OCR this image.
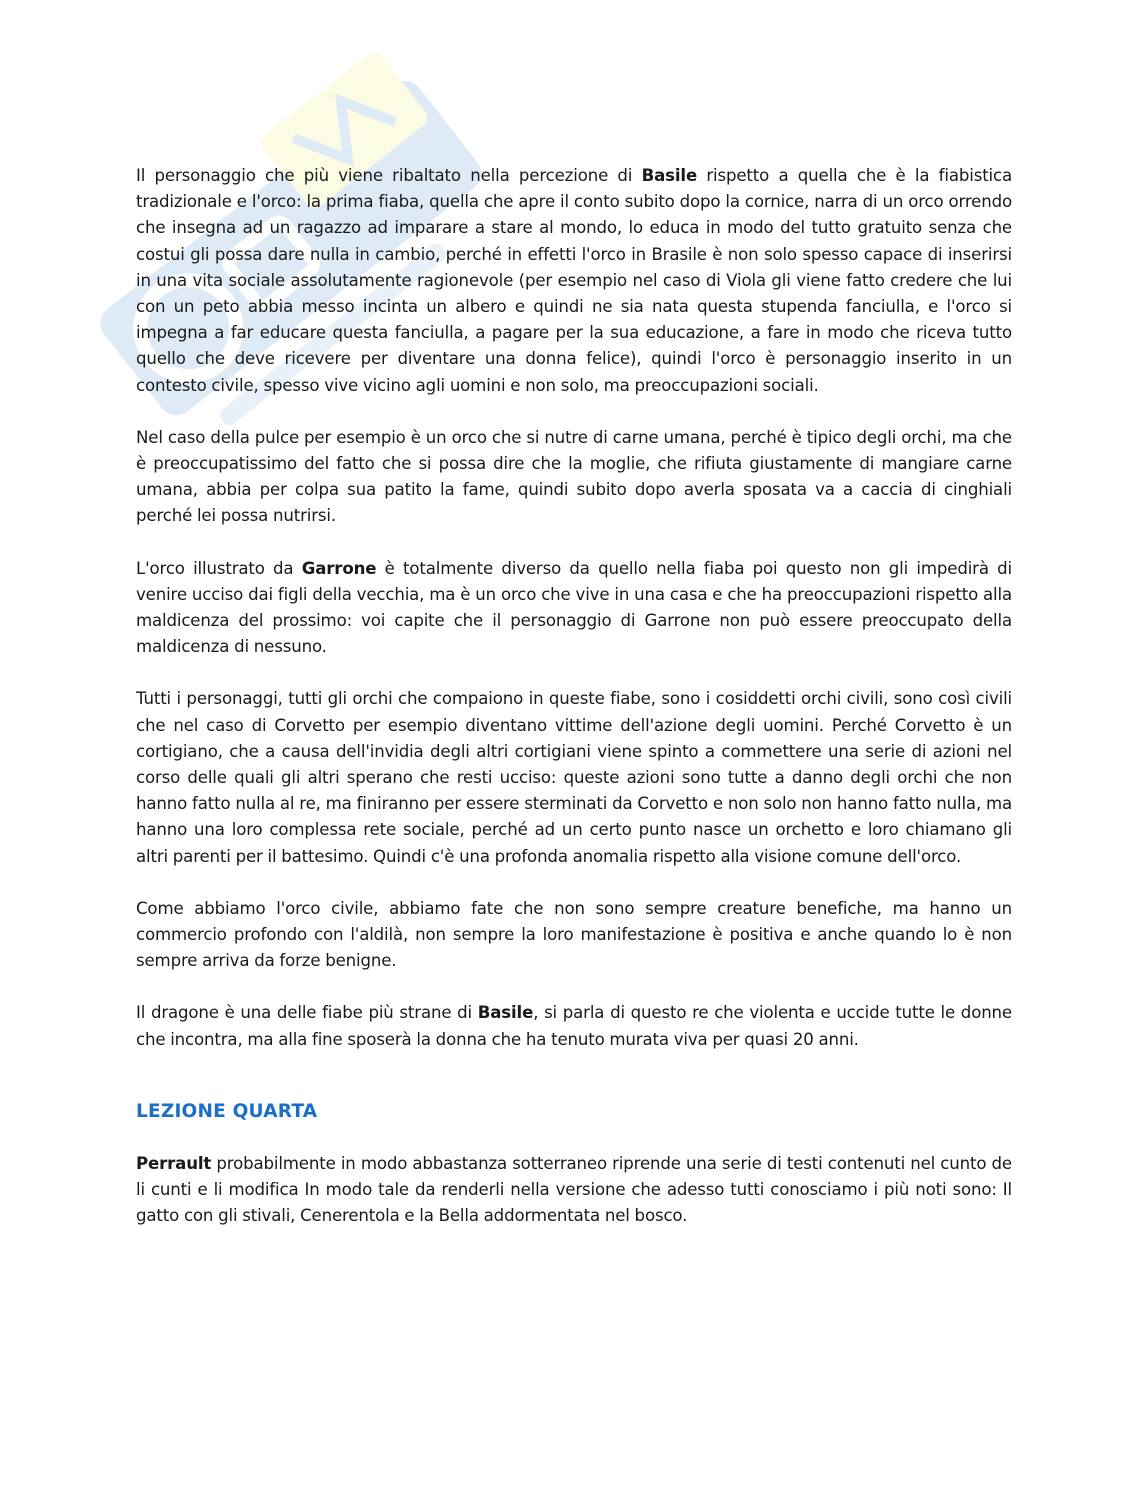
Il personaggio che più viene ribaltato nella percezione di Basile rispetto a quella che è la fiabistica tradizionale e l'orco: la prima fiaba, quella che apre il conto subito dopo la cornice, narra di un orco orrendo che insegna ad un ragazzo ad imparare a stare al mondo, lo educa in modo del tutto gratuito senza che costui gli possa dare nulla in cambio, perché in effetti l'orco in Brasile è non solo spesso capace di inserirsi in una vita sociale assolutamente ragionevole (per esempio nel caso di Viola gli viene fatto credere che lui con un peto abbia messo incinta un albero e quindi ne sia nata questa stupenda fanciulla, e l'orco si impegna a far educare questa fanciulla, a pagare per la sua educazione, a fare in modo che riceva tutto quello che deve ricevere per diventare una donna felice), quindi l'orco è personaggio inserito in un contesto civile, spesso vive vicino agli uomini e non solo, ma preoccupazioni sociali.

Nel caso della pulce per esempio è un orco che si nutre di carne umana, perché è tipico degli orchi, ma che è preoccupatissimo del fatto che si possa dire che la moglie, che rifiuta giustamente di mangiare carne umana, abbia per colpa sua patito la fame, quindi subito dopo averla sposata va a caccia di cinghiali perché lei possa nutrirsi.

L'orco illustrato da Garrone è totalmente diverso da quello nella fiaba poi questo non gli impedirà di venire ucciso dai figli della vecchia, ma è un orco che vive in una casa e che ha preoccupazioni rispetto alla maldicenza del prossimo: voi capite che il personaggio di Garrone non può essere preoccupato della maldicenza di nessuno.

Tutti i personaggi, tutti gli orchi che compaiono in queste fiabe, sono i cosiddetti orchi civili, sono così civili che nel caso di Corvetto per esempio diventano vittime dell'azione degli uomini. Perché Corvetto è un cortigiano, che a causa dell'invidia degli altri cortigiani viene spinto a commettere una serie di azioni nel corso delle quali gli altri sperano che resti ucciso: queste azioni sono tutte a danno degli orchi che non hanno fatto nulla al re, ma finiranno per essere sterminati da Corvetto e non solo non hanno fatto nulla, ma hanno una loro complessa rete sociale, perché ad un certo punto nasce un orchetto e loro chiamano gli altri parenti per il battesimo. Quindi c'è una profonda anomalia rispetto alla visione comune dell'orco.

Come abbiamo l'orco civile, abbiamo fate che non sono sempre creature benefiche, ma hanno un commercio profondo con l'aldilà, non sempre la loro manifestazione è positiva e anche quando lo è non sempre arriva da forze benigne.

Il dragone è una delle fiabe più strane di Basile, si parla di questo re che violenta e uccide tutte le donne che incontra, ma alla fine sposerà la donna che ha tenuto murata viva per quasi 20 anni.

LEZIONE QUARTA

Perrault probabilmente in modo abbastanza sotterraneo riprende una serie di testi contenuti nel cunto de li cunti e li modifica In modo tale da renderli nella versione che adesso tutti conosciamo i più noti sono: Il gatto con gli stivali, Cenerentola e la Bella addormentata nel bosco.
